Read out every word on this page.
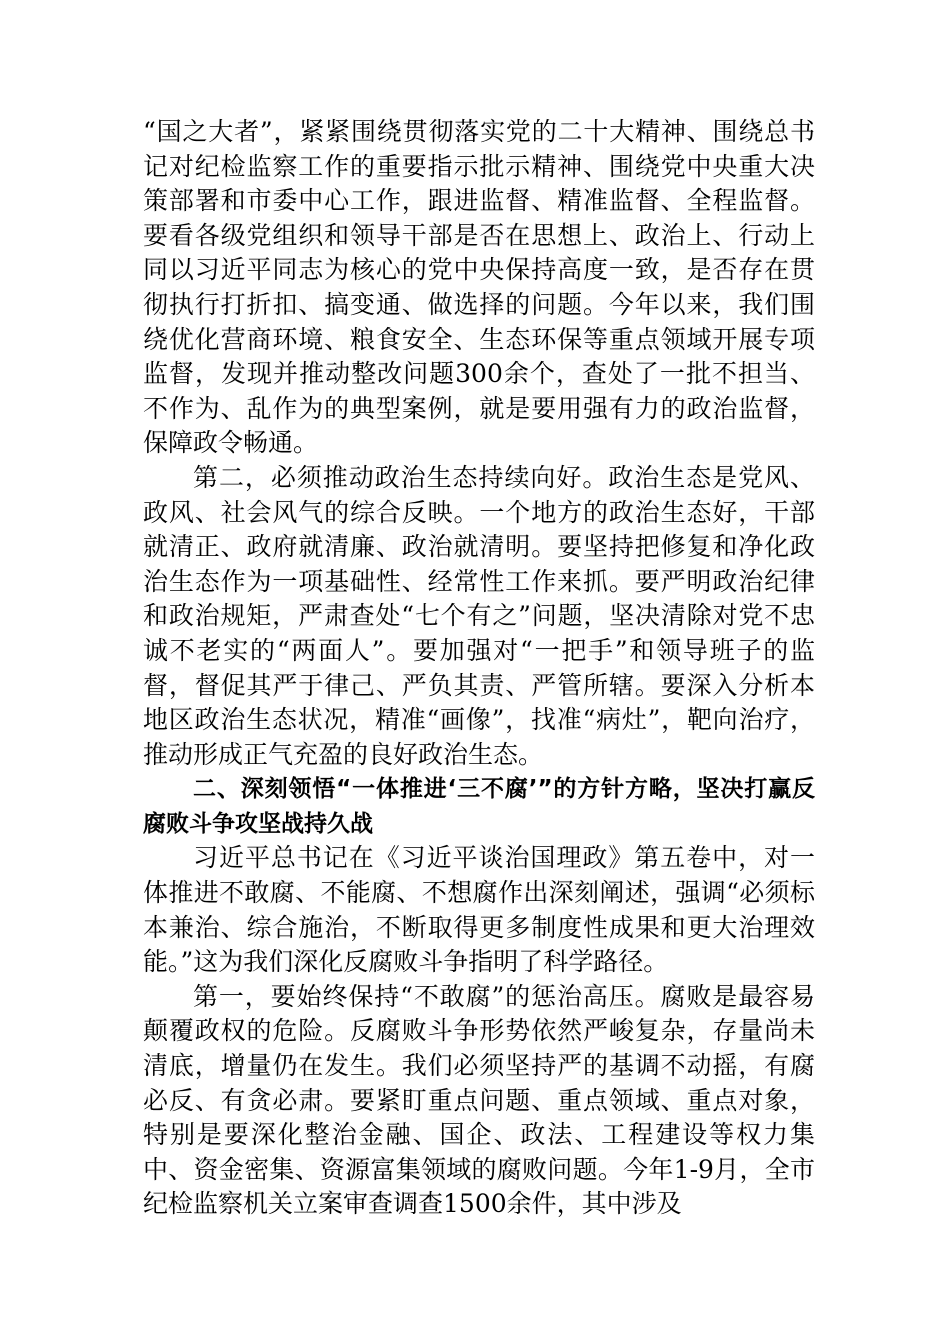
“国之大者”，紧紧围绕贯彻落实党的二十大精神、围绕总书记对纪检监察工作的重要指示批示精神、围绕党中央重大决策部署和市委中心工作，跟进监督、精准监督、全程监督。要看各级党组织和领导干部是否在思想上、政治上、行动上同以习近平同志为核心的党中央保持高度一致，是否存在贯彻执行打折扣、搞变通、做选择的问题。今年以来，我们围绕优化营商环境、粮食安全、生态环保等重点领域开展专项监督，发现并推动整改问题300余个，查处了一批不担当、不作为、乱作为的典型案例，就是要用强有力的政治监督，保障政令畅通。

第二，必须推动政治生态持续向好。政治生态是党风、政风、社会风气的综合反映。一个地方的政治生态好，干部就清正、政府就清廉、政治就清明。要坚持把修复和净化政治生态作为一项基础性、经常性工作来抓。要严明政治纪律和政治规矩，严肃查处“七个有之”问题，坚决清除对党不忠诚不老实的“两面人”。要加强对“一把手”和领导班子的监督，督促其严于律己、严负其责、严管所辖。要深入分析本地区政治生态状况，精准“画像”，找准“病灶”，靶向治疗，推动形成正气充盈的良好政治生态。

二、深刻领悟“一体推进‘三不腐’”的方针方略，坚决打赢反腐败斗争攻坚战持久战

习近平总书记在《习近平谈治国理政》第五卷中，对一体推进不敢腐、不能腐、不想腐作出深刻阐述，强调“必须标本兼治、综合施治，不断取得更多制度性成果和更大治理效能。”这为我们深化反腐败斗争指明了科学路径。

第一，要始终保持“不敢腐”的惩治高压。腐败是最容易颠覆政权的危险。反腐败斗争形势依然严峻复杂，存量尚未清底，增量仍在发生。我们必须坚持严的基调不动摇，有腐必反、有贪必肃。要紧盯重点问题、重点领域、重点对象，特别是要深化整治金融、国企、政法、工程建设等权力集中、资金密集、资源富集领域的腐败问题。今年1-9月，全市纪检监察机关立案审查调查1500余件，其中涉及
